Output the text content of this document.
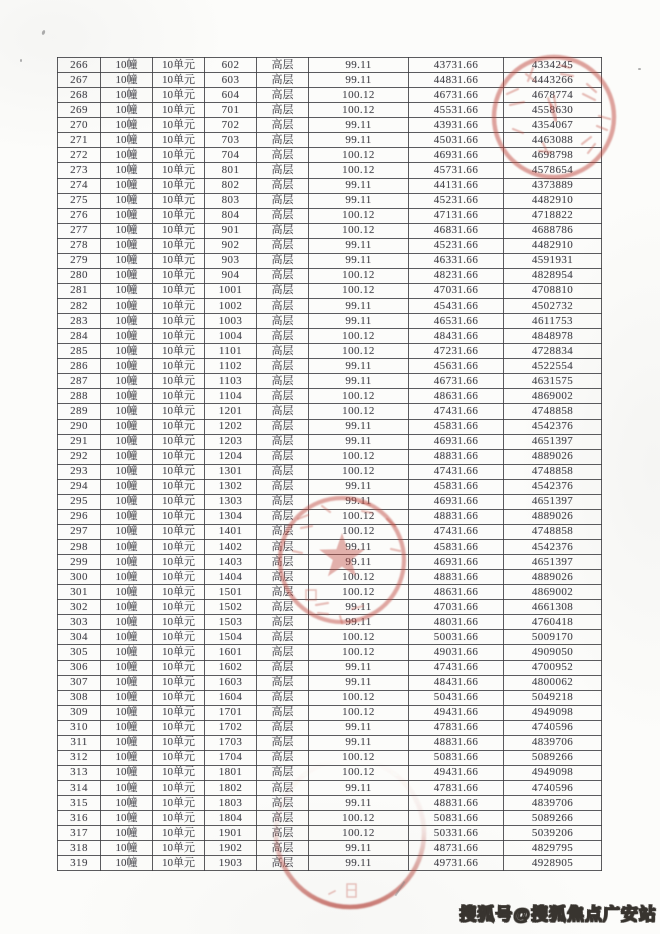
266	10幢	10单元	602	高层	99.11	43731.66	4334245
267	10幢	10单元	603	高层	99.11	44831.66	4443266
268	10幢	10单元	604	高层	100.12	46731.66	4678774
269	10幢	10单元	701	高层	100.12	45531.66	4558630
270	10幢	10单元	702	高层	99.11	43931.66	4354067
271	10幢	10单元	703	高层	99.11	45031.66	4463088
272	10幢	10单元	704	高层	100.12	46931.66	4698798
273	10幢	10单元	801	高层	100.12	45731.66	4578654
274	10幢	10单元	802	高层	99.11	44131.66	4373889
275	10幢	10单元	803	高层	99.11	45231.66	4482910
276	10幢	10单元	804	高层	100.12	47131.66	4718822
277	10幢	10单元	901	高层	100.12	46831.66	4688786
278	10幢	10单元	902	高层	99.11	45231.66	4482910
279	10幢	10单元	903	高层	99.11	46331.66	4591931
280	10幢	10单元	904	高层	100.12	48231.66	4828954
281	10幢	10单元	1001	高层	100.12	47031.66	4708810
282	10幢	10单元	1002	高层	99.11	45431.66	4502732
283	10幢	10单元	1003	高层	99.11	46531.66	4611753
284	10幢	10单元	1004	高层	100.12	48431.66	4848978
285	10幢	10单元	1101	高层	100.12	47231.66	4728834
286	10幢	10单元	1102	高层	99.11	45631.66	4522554
287	10幢	10单元	1103	高层	99.11	46731.66	4631575
288	10幢	10单元	1104	高层	100.12	48631.66	4869002
289	10幢	10单元	1201	高层	100.12	47431.66	4748858
290	10幢	10单元	1202	高层	99.11	45831.66	4542376
291	10幢	10单元	1203	高层	99.11	46931.66	4651397
292	10幢	10单元	1204	高层	100.12	48831.66	4889026
293	10幢	10单元	1301	高层	100.12	47431.66	4748858
294	10幢	10单元	1302	高层	99.11	45831.66	4542376
295	10幢	10单元	1303	高层	99.11	46931.66	4651397
296	10幢	10单元	1304	高层	100.12	48831.66	4889026
297	10幢	10单元	1401	高层	100.12	47431.66	4748858
298	10幢	10单元	1402	高层	99.11	45831.66	4542376
299	10幢	10单元	1403	高层	99.11	46931.66	4651397
300	10幢	10单元	1404	高层	100.12	48831.66	4889026
301	10幢	10单元	1501	高层	100.12	48631.66	4869002
302	10幢	10单元	1502	高层	99.11	47031.66	4661308
303	10幢	10单元	1503	高层	99.11	48031.66	4760418
304	10幢	10单元	1504	高层	100.12	50031.66	5009170
305	10幢	10单元	1601	高层	100.12	49031.66	4909050
306	10幢	10单元	1602	高层	99.11	47431.66	4700952
307	10幢	10单元	1603	高层	99.11	48431.66	4800062
308	10幢	10单元	1604	高层	100.12	50431.66	5049218
309	10幢	10单元	1701	高层	100.12	49431.66	4949098
310	10幢	10单元	1702	高层	99.11	47831.66	4740596
311	10幢	10单元	1703	高层	99.11	48831.66	4839706
312	10幢	10单元	1704	高层	100.12	50831.66	5089266
313	10幢	10单元	1801	高层	100.12	49431.66	4949098
314	10幢	10单元	1802	高层	99.11	47831.66	4740596
315	10幢	10单元	1803	高层	99.11	48831.66	4839706
316	10幢	10单元	1804	高层	100.12	50831.66	5089266
317	10幢	10单元	1901	高层	100.12	50331.66	5039206
318	10幢	10单元	1902	高层	99.11	48731.66	4829795
319	10幢	10单元	1903	高层	99.11	49731.66	4928905
搜狐号@搜狐焦点广安站
